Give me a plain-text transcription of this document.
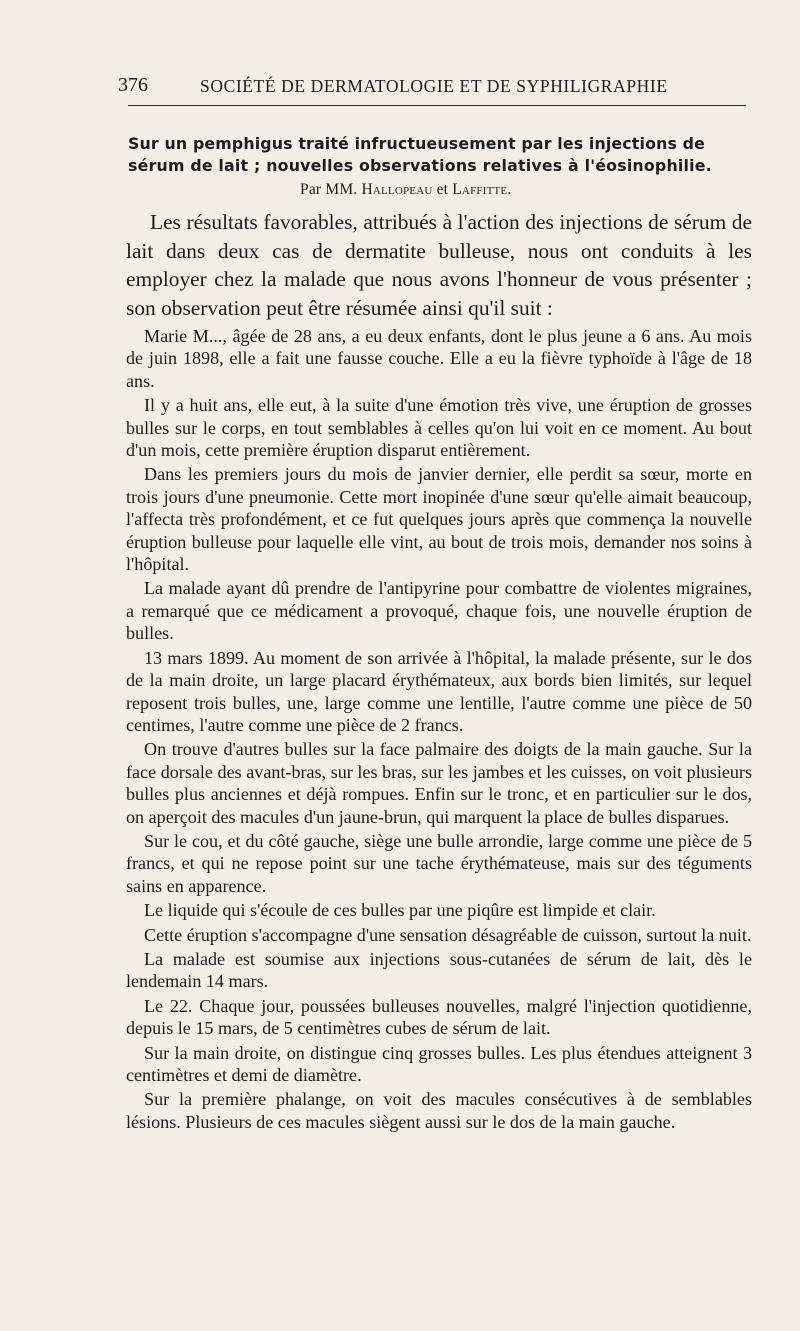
376	SOCIÉTÉ DE DERMATOLOGIE ET DE SYPHILIGRAPHIE
Sur un pemphigus traité infructueusement par les injections de
sérum de lait ; nouvelles observations relatives à l'éosinophilie.
Par MM. Hallopeau et Laffitte.

Les résultats favorables, attribués à l'action des injections de sérum de lait dans deux cas de dermatite bulleuse, nous ont conduits à les employer chez la malade que nous avons l'honneur de vous présenter ; son observation peut être résumée ainsi qu'il suit :

Marie M..., âgée de 28 ans, a eu deux enfants, dont le plus jeune a 6 ans. Au mois de juin 1898, elle a fait une fausse couche. Elle a eu la fièvre typhoïde à l'âge de 18 ans.

Il y a huit ans, elle eut, à la suite d'une émotion très vive, une éruption de grosses bulles sur le corps, en tout semblables à celles qu'on lui voit en ce moment. Au bout d'un mois, cette première éruption disparut entièrement.

Dans les premiers jours du mois de janvier dernier, elle perdit sa sœur, morte en trois jours d'une pneumonie. Cette mort inopinée d'une sœur qu'elle aimait beaucoup, l'affecta très profondément, et ce fut quelques jours après que commença la nouvelle éruption bulleuse pour laquelle elle vint, au bout de trois mois, demander nos soins à l'hôpital.

La malade ayant dû prendre de l'antipyrine pour combattre de violentes migraines, a remarqué que ce médicament a provoqué, chaque fois, une nouvelle éruption de bulles.

13 mars 1899. Au moment de son arrivée à l'hôpital, la malade présente, sur le dos de la main droite, un large placard érythémateux, aux bords bien limités, sur lequel reposent trois bulles, une, large comme une lentille, l'autre comme une pièce de 50 centimes, l'autre comme une pièce de 2 francs.

On trouve d'autres bulles sur la face palmaire des doigts de la main gauche. Sur la face dorsale des avant-bras, sur les bras, sur les jambes et les cuisses, on voit plusieurs bulles plus anciennes et déjà rompues. Enfin sur le tronc, et en particulier sur le dos, on aperçoit des macules d'un jaune-brun, qui marquent la place de bulles disparues.

Sur le cou, et du côté gauche, siège une bulle arrondie, large comme une pièce de 5 francs, et qui ne repose point sur une tache érythémateuse, mais sur des téguments sains en apparence.

Le liquide qui s'écoule de ces bulles par une piqûre est limpide et clair.

Cette éruption s'accompagne d'une sensation désagréable de cuisson, surtout la nuit.

La malade est soumise aux injections sous-cutanées de sérum de lait, dès le lendemain 14 mars.

Le 22. Chaque jour, poussées bulleuses nouvelles, malgré l'injection quotidienne, depuis le 15 mars, de 5 centimètres cubes de sérum de lait.

Sur la main droite, on distingue cinq grosses bulles. Les plus étendues atteignent 3 centimètres et demi de diamètre.

Sur la première phalange, on voit des macules consécutives à de semblables lésions. Plusieurs de ces macules siègent aussi sur le dos de la main gauche.
